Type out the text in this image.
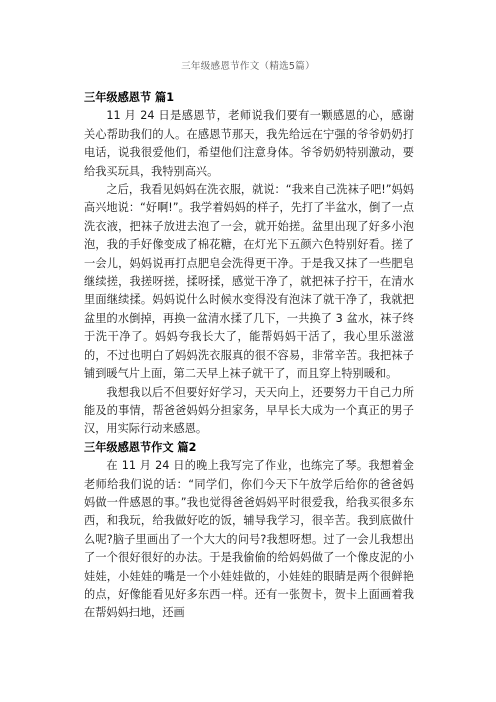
三年级感恩节作文（精选5篇）

三年级感恩节 篇1

11 月 24 日是感恩节，老师说我们要有一颗感恩的心，感谢关心帮助我们的人。在感恩节那天，我先给远在宁强的爷爷奶奶打电话，说我很爱他们，希望他们注意身体。爷爷奶奶特别激动，要给我买玩具，我特别高兴。

之后，我看见妈妈在洗衣服，就说：“我来自己洗袜子吧!”妈妈高兴地说：“好啊!”。我学着妈妈的样子，先打了半盆水，倒了一点洗衣液，把袜子放进去泡了一会，就开始搓。盆里出现了好多小泡泡，我的手好像变成了棉花糖，在灯光下五颜六色特别好看。搓了一会儿，妈妈说再打点肥皂会洗得更干净。于是我又抹了一些肥皂继续搓，我搓呀搓，揉呀揉，感觉干净了，就把袜子拧干，在清水里面继续揉。妈妈说什么时候水变得没有泡沫了就干净了，我就把盆里的水倒掉，再换一盆清水揉了几下，一共换了 3 盆水，袜子终于洗干净了。妈妈夸我长大了，能帮妈妈干活了，我心里乐滋滋的，不过也明白了妈妈洗衣服真的很不容易，非常辛苦。我把袜子铺到暖气片上面，第二天早上袜子就干了，而且穿上特别暖和。

我想我以后不但要好好学习，天天向上，还要努力干自己力所能及的事情，帮爸爸妈妈分担家务，早早长大成为一个真正的男子汉，用实际行动来感恩。

三年级感恩节作文 篇2

在 11 月 24 日的晚上我写完了作业，也练完了琴。我想着金老师给我们说的话：“同学们，你们今天下午放学后给你的爸爸妈妈做一件感恩的事。”我也觉得爸爸妈妈平时很爱我，给我买很多东西，和我玩，给我做好吃的饭，辅导我学习，很辛苦。我到底做什么呢?脑子里画出了一个大大的问号?我想呀想。过了一会儿我想出了一个很好很好的办法。于是我偷偷的给妈妈做了一个像皮泥的小娃娃，小娃娃的嘴是一个小娃娃做的，小娃娃的眼睛是两个很鲜艳的点，好像能看见好多东西一样。还有一张贺卡，贺卡上面画着我在帮妈妈扫地，还画
